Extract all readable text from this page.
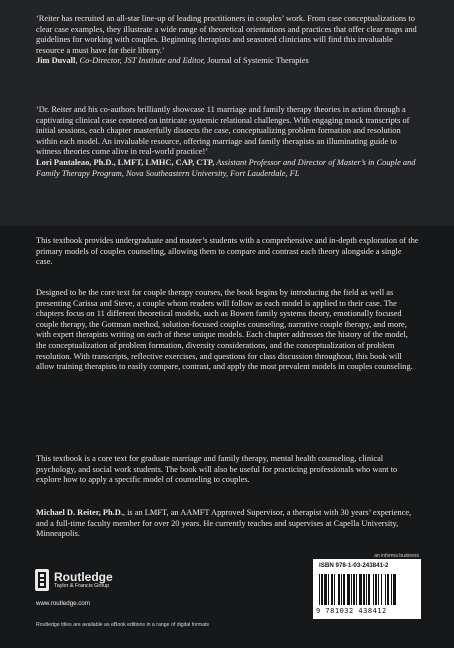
‘Reiter has recruited an all-star line-up of leading practitioners in couples’ work. From case conceptualizations to clear case examples, they illustrate a wide range of theoretical orientations and practices that offer clear maps and guidelines for working with couples. Beginning therapists and seasoned clinicians will find this invaluable resource a must have for their library.’

Jim Duvall, Co-Director, JST Institute and Editor, Journal of Systemic Therapies

‘Dr. Reiter and his co-authors brilliantly showcase 11 marriage and family therapy theories in action through a captivating clinical case centered on intricate systemic relational challenges. With engaging mock transcripts of initial sessions, each chapter masterfully dissects the case, conceptualizing problem formation and resolution within each model. An invaluable resource, offering marriage and family therapists an illuminating guide to witness theories come alive in real-world practice!’

Lori Pantaleao, Ph.D., LMFT, LMHC, CAP, CTP, Assistant Professor and Director of Master’s in Couple and Family Therapy Program, Nova Southeastern University, Fort Lauderdale, FL

This textbook provides undergraduate and master’s students with a comprehensive and in-depth exploration of the primary models of couples counseling, allowing them to compare and contrast each theory alongside a single case.

Designed to be the core text for couple therapy courses, the book begins by introducing the field as well as presenting Carissa and Steve, a couple whom readers will follow as each model is applied to their case. The chapters focus on 11 different theoretical models, such as Bowen family systems theory, emotionally focused couple therapy, the Gottman method, solution-focused couples counseling, narrative couple therapy, and more, with expert therapists writing on each of these unique models. Each chapter addresses the history of the model, the conceptualization of problem formation, diversity considerations, and the conceptualization of problem resolution. With transcripts, reflective exercises, and questions for class discussion throughout, this book will allow training therapists to easily compare, contrast, and apply the most prevalent models in couples counseling.

This textbook is a core text for graduate marriage and family therapy, mental health counseling, clinical psychology, and social work students. The book will also be useful for practicing professionals who want to explore how to apply a specific model of counseling to couples.

Michael D. Reiter, Ph.D., is an LMFT, an AAMFT Approved Supervisor, a therapist with 30 years’ experience, and a full-time faculty member for over 20 years. He currently teaches and supervises at Capella University, Minneapolis.

an informa business
Routledge
Taylor & Francis Group
www.routledge.com
Routledge titles are available as eBook editions in a range of digital formats
ISBN 978-1-03-243841-2
9 781032 438412
